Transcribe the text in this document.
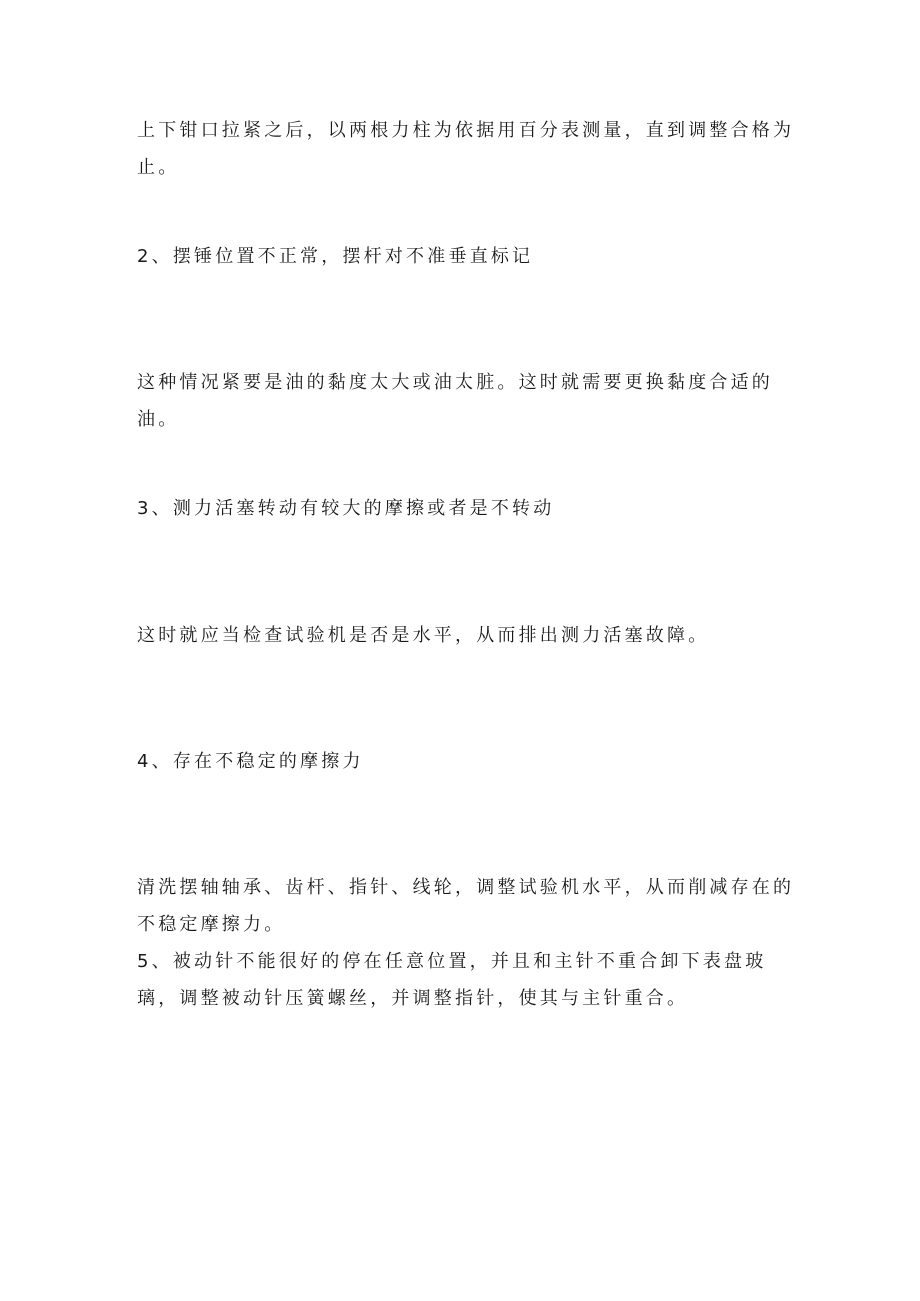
上下钳口拉紧之后，以两根力柱为依据用百分表测量，直到调整合格为止。

2、摆锤位置不正常，摆杆对不准垂直标记

这种情况紧要是油的黏度太大或油太脏。这时就需要更换黏度合适的油。

3、测力活塞转动有较大的摩擦或者是不转动

这时就应当检查试验机是否是水平，从而排出测力活塞故障。

4、存在不稳定的摩擦力

清洗摆轴轴承、齿杆、指针、线轮，调整试验机水平，从而削减存在的不稳定摩擦力。

5、被动针不能很好的停在任意位置，并且和主针不重合卸下表盘玻璃，调整被动针压簧螺丝，并调整指针，使其与主针重合。
